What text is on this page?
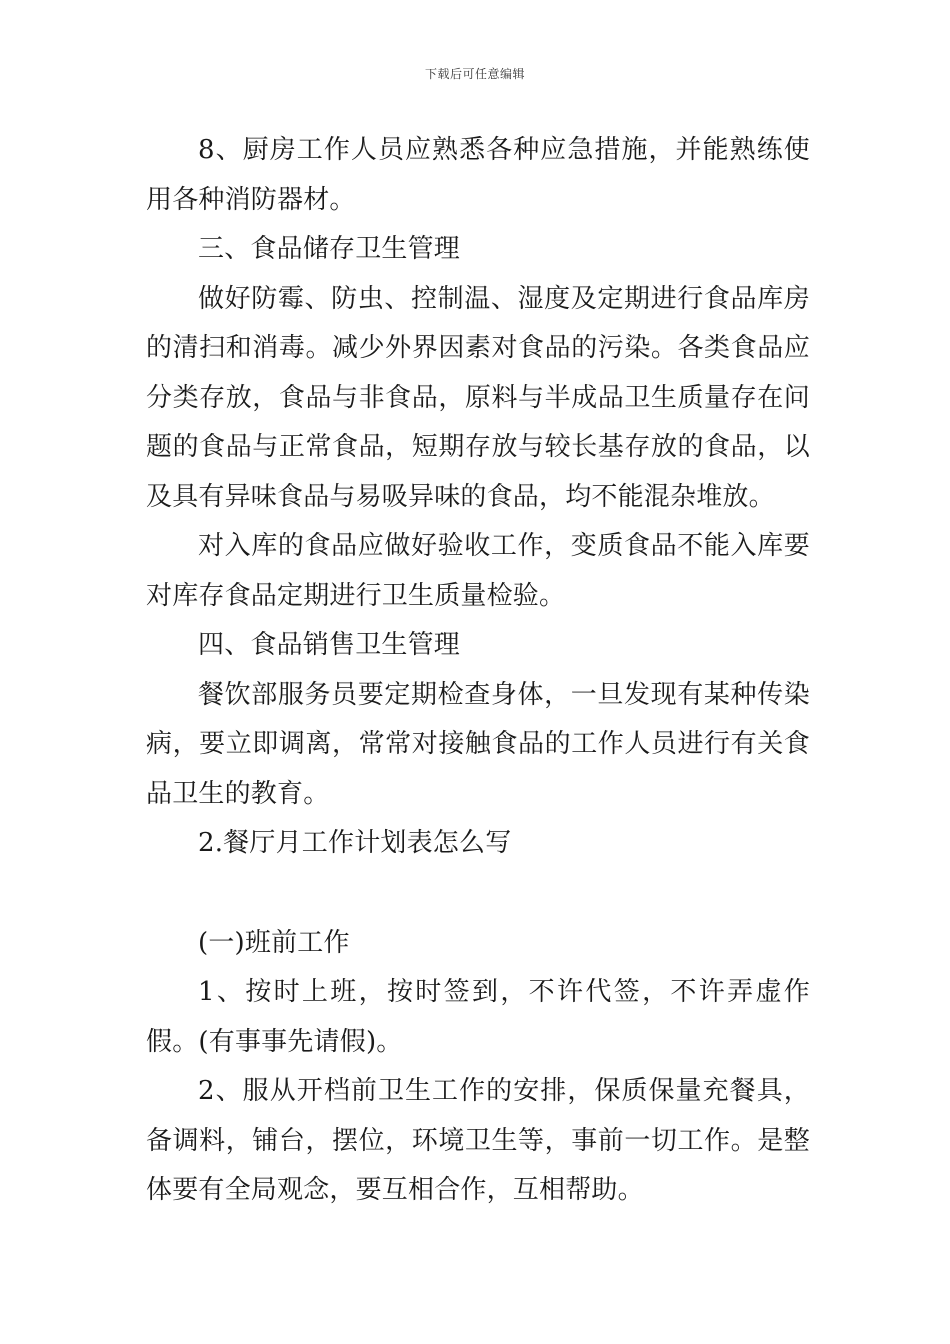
下载后可任意编辑

8、厨房工作人员应熟悉各种应急措施，并能熟练使用各种消防器材。

三、食品储存卫生管理

做好防霉、防虫、控制温、湿度及定期进行食品库房的清扫和消毒。减少外界因素对食品的污染。各类食品应分类存放，食品与非食品，原料与半成品卫生质量存在问题的食品与正常食品，短期存放与较长基存放的食品，以及具有异味食品与易吸异味的食品，均不能混杂堆放。

对入库的食品应做好验收工作，变质食品不能入库要对库存食品定期进行卫生质量检验。

四、食品销售卫生管理

餐饮部服务员要定期检查身体，一旦发现有某种传染病，要立即调离，常常对接触食品的工作人员进行有关食品卫生的教育。

2.餐厅月工作计划表怎么写

(一)班前工作

1、按时上班，按时签到，不许代签，不许弄虚作假。(有事事先请假)。

2、服从开档前卫生工作的安排，保质保量充餐具，备调料，铺台，摆位，环境卫生等，事前一切工作。是整体要有全局观念，要互相合作，互相帮助。
